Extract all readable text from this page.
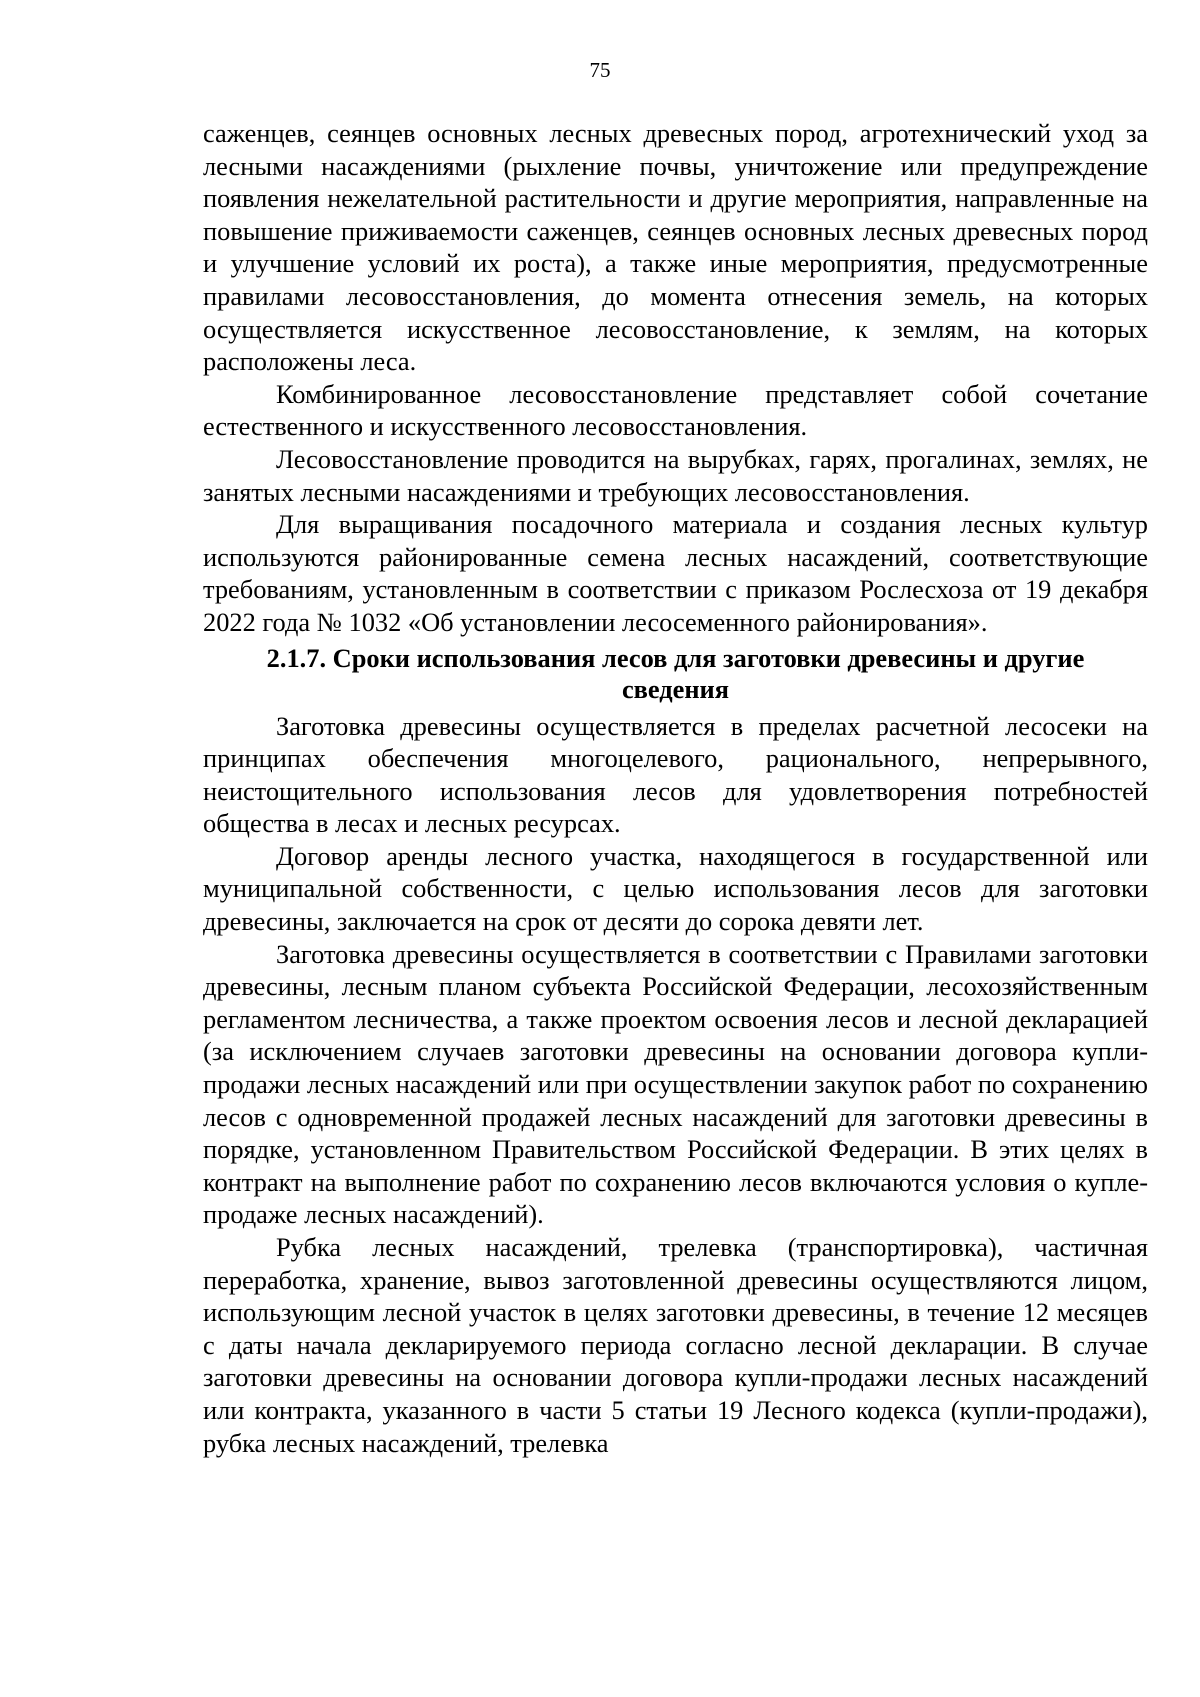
75

саженцев, сеянцев основных лесных древесных пород, агротехнический уход за лесными насаждениями (рыхление почвы, уничтожение или предупреждение появления нежелательной растительности и другие мероприятия, направленные на повышение приживаемости саженцев, сеянцев основных лесных древесных пород и улучшение условий их роста), а также иные мероприятия, предусмотренные правилами лесовосстановления, до момента отнесения земель, на которых осуществляется искусственное лесовосстановление, к землям, на которых расположены леса.

Комбинированное лесовосстановление представляет собой сочетание естественного и искусственного лесовосстановления.

Лесовосстановление проводится на вырубках, гарях, прогалинах, землях, не занятых лесными насаждениями и требующих лесовосстановления.

Для выращивания посадочного материала и создания лесных культур используются районированные семена лесных насаждений, соответствующие требованиям, установленным в соответствии с приказом Рослесхоза от 19 декабря 2022 года № 1032 «Об установлении лесосеменного районирования».

2.1.7. Сроки использования лесов для заготовки древесины и другие
сведения

Заготовка древесины осуществляется в пределах расчетной лесосеки на принципах обеспечения многоцелевого, рационального, непрерывного, неистощительного использования лесов для удовлетворения потребностей общества в лесах и лесных ресурсах.

Договор аренды лесного участка, находящегося в государственной или муниципальной собственности, с целью использования лесов для заготовки древесины, заключается на срок от десяти до сорока девяти лет.

Заготовка древесины осуществляется в соответствии с Правилами заготовки древесины, лесным планом субъекта Российской Федерации, лесохозяйственным регламентом лесничества, а также проектом освоения лесов и лесной декларацией (за исключением случаев заготовки древесины на основании договора купли-продажи лесных насаждений или при осуществлении закупок работ по сохранению лесов с одновременной продажей лесных насаждений для заготовки древесины в порядке, установленном Правительством Российской Федерации. В этих целях в контракт на выполнение работ по сохранению лесов включаются условия о купле-продаже лесных насаждений).

Рубка лесных насаждений, трелевка (транспортировка), частичная переработка, хранение, вывоз заготовленной древесины осуществляются лицом, использующим лесной участок в целях заготовки древесины, в течение 12 месяцев с даты начала декларируемого периода согласно лесной декларации. В случае заготовки древесины на основании договора купли-продажи лесных насаждений или контракта, указанного в части 5 статьи 19 Лесного кодекса (купли-продажи), рубка лесных насаждений, трелевка
